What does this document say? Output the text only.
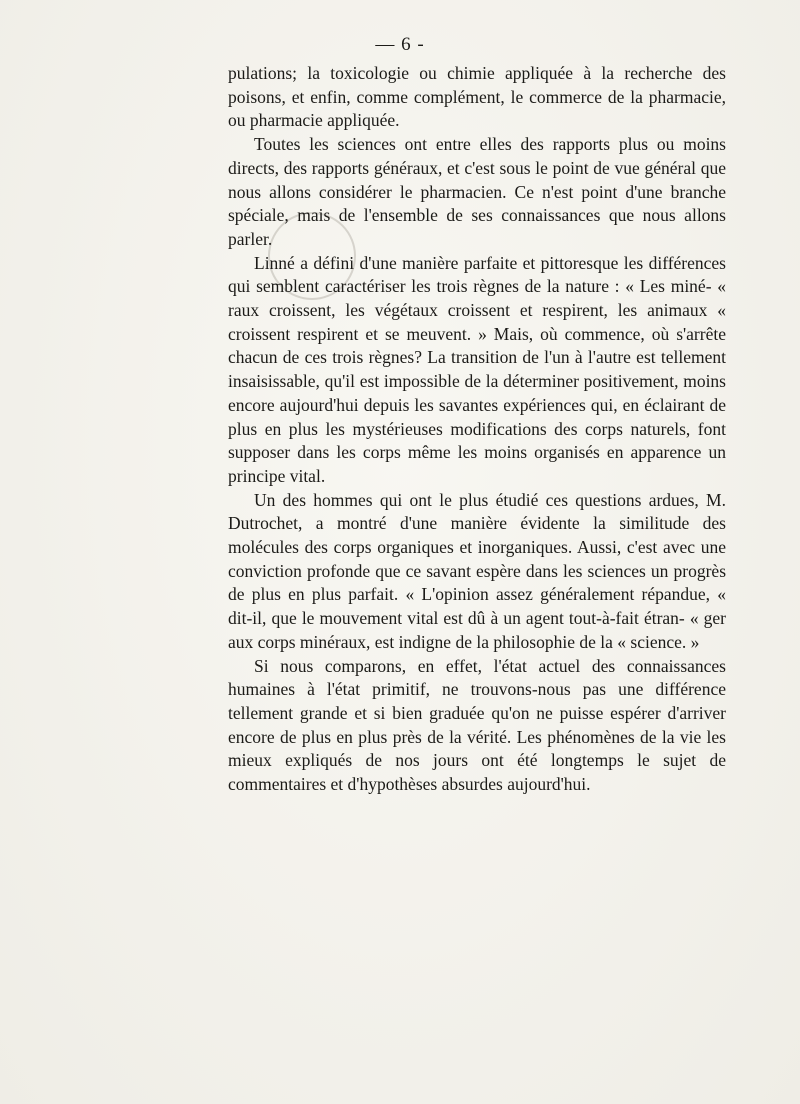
— 6 -

pulations; la toxicologie ou chimie appliquée à la recherche des poisons, et enfin, comme complément, le commerce de la pharmacie, ou pharmacie appliquée.

Toutes les sciences ont entre elles des rapports plus ou moins directs, des rapports généraux, et c'est sous le point de vue général que nous allons considérer le pharmacien. Ce n'est point d'une branche spéciale, mais de l'ensemble de ses connaissances que nous allons parler.

Linné a défini d'une manière parfaite et pittoresque les différences qui semblent caractériser les trois règnes de la nature : « Les miné- « raux croissent, les végétaux croissent et respirent, les animaux « croissent respirent et se meuvent. » Mais, où commence, où s'arrête chacun de ces trois règnes? La transition de l'un à l'autre est tellement insaisissable, qu'il est impossible de la déterminer positivement, moins encore aujourd'hui depuis les savantes expériences qui, en éclairant de plus en plus les mystérieuses modifications des corps naturels, font supposer dans les corps même les moins organisés en apparence un principe vital.

Un des hommes qui ont le plus étudié ces questions ardues, M. Dutrochet, a montré d'une manière évidente la similitude des molécules des corps organiques et inorganiques. Aussi, c'est avec une conviction profonde que ce savant espère dans les sciences un progrès de plus en plus parfait. « L'opinion assez généralement répandue, « dit-il, que le mouvement vital est dû à un agent tout-à-fait étran- « ger aux corps minéraux, est indigne de la philosophie de la « science. »

Si nous comparons, en effet, l'état actuel des connaissances humaines à l'état primitif, ne trouvons-nous pas une différence tellement grande et si bien graduée qu'on ne puisse espérer d'arriver encore de plus en plus près de la vérité. Les phénomènes de la vie les mieux expliqués de nos jours ont été longtemps le sujet de commentaires et d'hypothèses absurdes aujourd'hui.
